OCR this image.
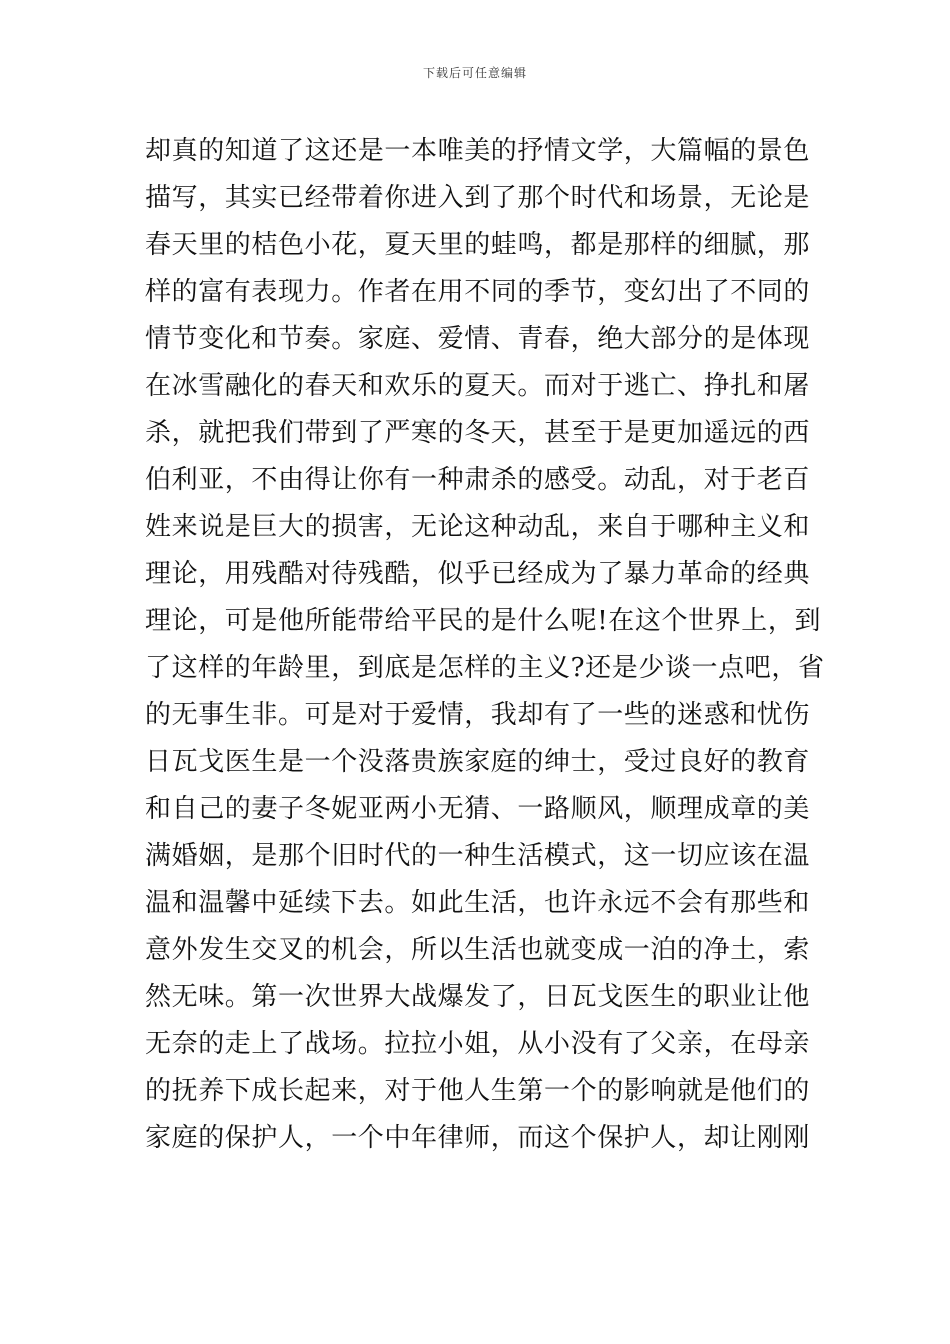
下载后可任意编辑
却真的知道了这还是一本唯美的抒情文学，大篇幅的景色
描写，其实已经带着你进入到了那个时代和场景，无论是
春天里的桔色小花，夏天里的蛙鸣，都是那样的细腻，那
样的富有表现力。作者在用不同的季节，变幻出了不同的
情节变化和节奏。家庭、爱情、青春，绝大部分的是体现
在冰雪融化的春天和欢乐的夏天。而对于逃亡、挣扎和屠
杀，就把我们带到了严寒的冬天，甚至于是更加遥远的西
伯利亚，不由得让你有一种肃杀的感受。动乱，对于老百
姓来说是巨大的损害，无论这种动乱，来自于哪种主义和
理论，用残酷对待残酷，似乎已经成为了暴力革命的经典
理论，可是他所能带给平民的是什么呢!在这个世界上，到
了这样的年龄里，到底是怎样的主义?还是少谈一点吧，省
的无事生非。可是对于爱情，我却有了一些的迷惑和忧伤
日瓦戈医生是一个没落贵族家庭的绅士，受过良好的教育
和自己的妻子冬妮亚两小无猜、一路顺风，顺理成章的美
满婚姻，是那个旧时代的一种生活模式，这一切应该在温
温和温馨中延续下去。如此生活，也许永远不会有那些和
意外发生交叉的机会，所以生活也就变成一泊的净土，索
然无味。第一次世界大战爆发了，日瓦戈医生的职业让他
无奈的走上了战场。拉拉小姐，从小没有了父亲，在母亲
的抚养下成长起来，对于他人生第一个的影响就是他们的
家庭的保护人，一个中年律师，而这个保护人，却让刚刚
